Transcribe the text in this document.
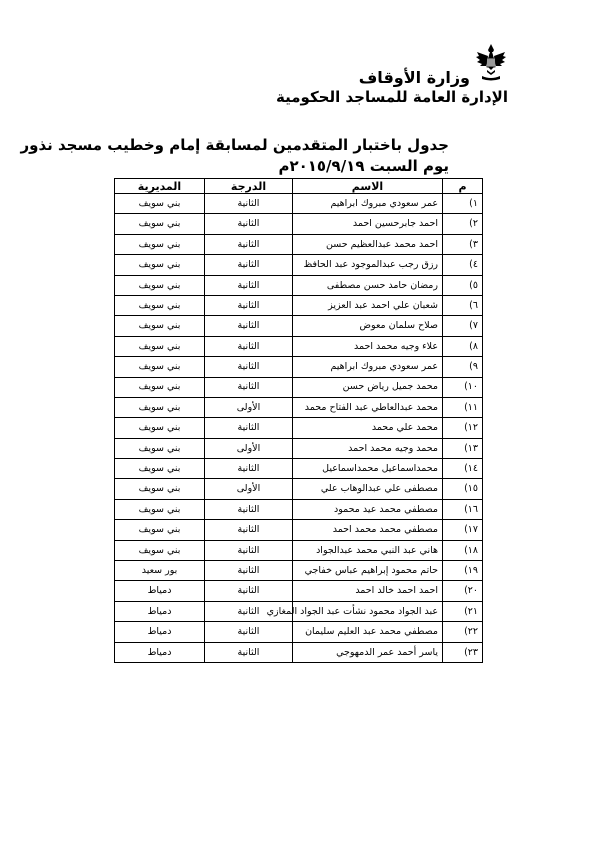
وزارة الأوقاف
الإدارة العامة للمساجد الحكومية
جدول باختبار المتقدمين لمسابقة إمام وخطيب مسجد نذور
يوم السبت ٢٠١٥/٩/١٩م
م	الاسم	الدرجة	المديرية
١)	عمر سعودي مبروك ابراهيم	الثانية	بني سويف
٢)	احمد جابرحسين احمد	الثانية	بني سويف
٣)	احمد محمد عبدالعظيم حسن	الثانية	بني سويف
٤)	رزق رجب عبدالموجود عبد الحافظ	الثانية	بني سويف
٥)	رمضان حامد حسن مصطفى	الثانية	بني سويف
٦)	شعبان علي احمد عبد العزيز	الثانية	بني سويف
٧)	صلاح سلمان معوض	الثانية	بني سويف
٨)	علاء وجيه محمد احمد	الثانية	بني سويف
٩)	عمر سعودي مبروك ابراهيم	الثانية	بني سويف
١٠)	محمد جميل رياض حسن	الثانية	بني سويف
١١)	محمد عبدالعاطي عبد الفتاح محمد	الأولى	بني سويف
١٢)	محمد علي محمد	الثانية	بني سويف
١٣)	محمد وجيه محمد احمد	الأولى	بني سويف
١٤)	محمداسماعيل محمداسماعيل	الثانية	بني سويف
١٥)	مصطفى علي عبدالوهاب علي	الأولى	بني سويف
١٦)	مصطفي محمد عيد محمود	الثانية	بني سويف
١٧)	مصطفي محمد محمد احمد	الثانية	بني سويف
١٨)	هاني عبد النبي محمد عبدالجواد	الثانية	بني سويف
١٩)	حاتم محمود إبراهيم عباس خفاجي	الثانية	بور سعيد
٢٠)	احمد احمد خالد احمد	الثانية	دمياط
٢١)	عبد الجواد محمود نشأت عبد الجواد المغازي	الثانية	دمياط
٢٢)	مصطفي محمد عبد العليم سليمان	الثانية	دمياط
٢٣)	ياسر أحمد عمر الدمهوجي	الثانية	دمياط
